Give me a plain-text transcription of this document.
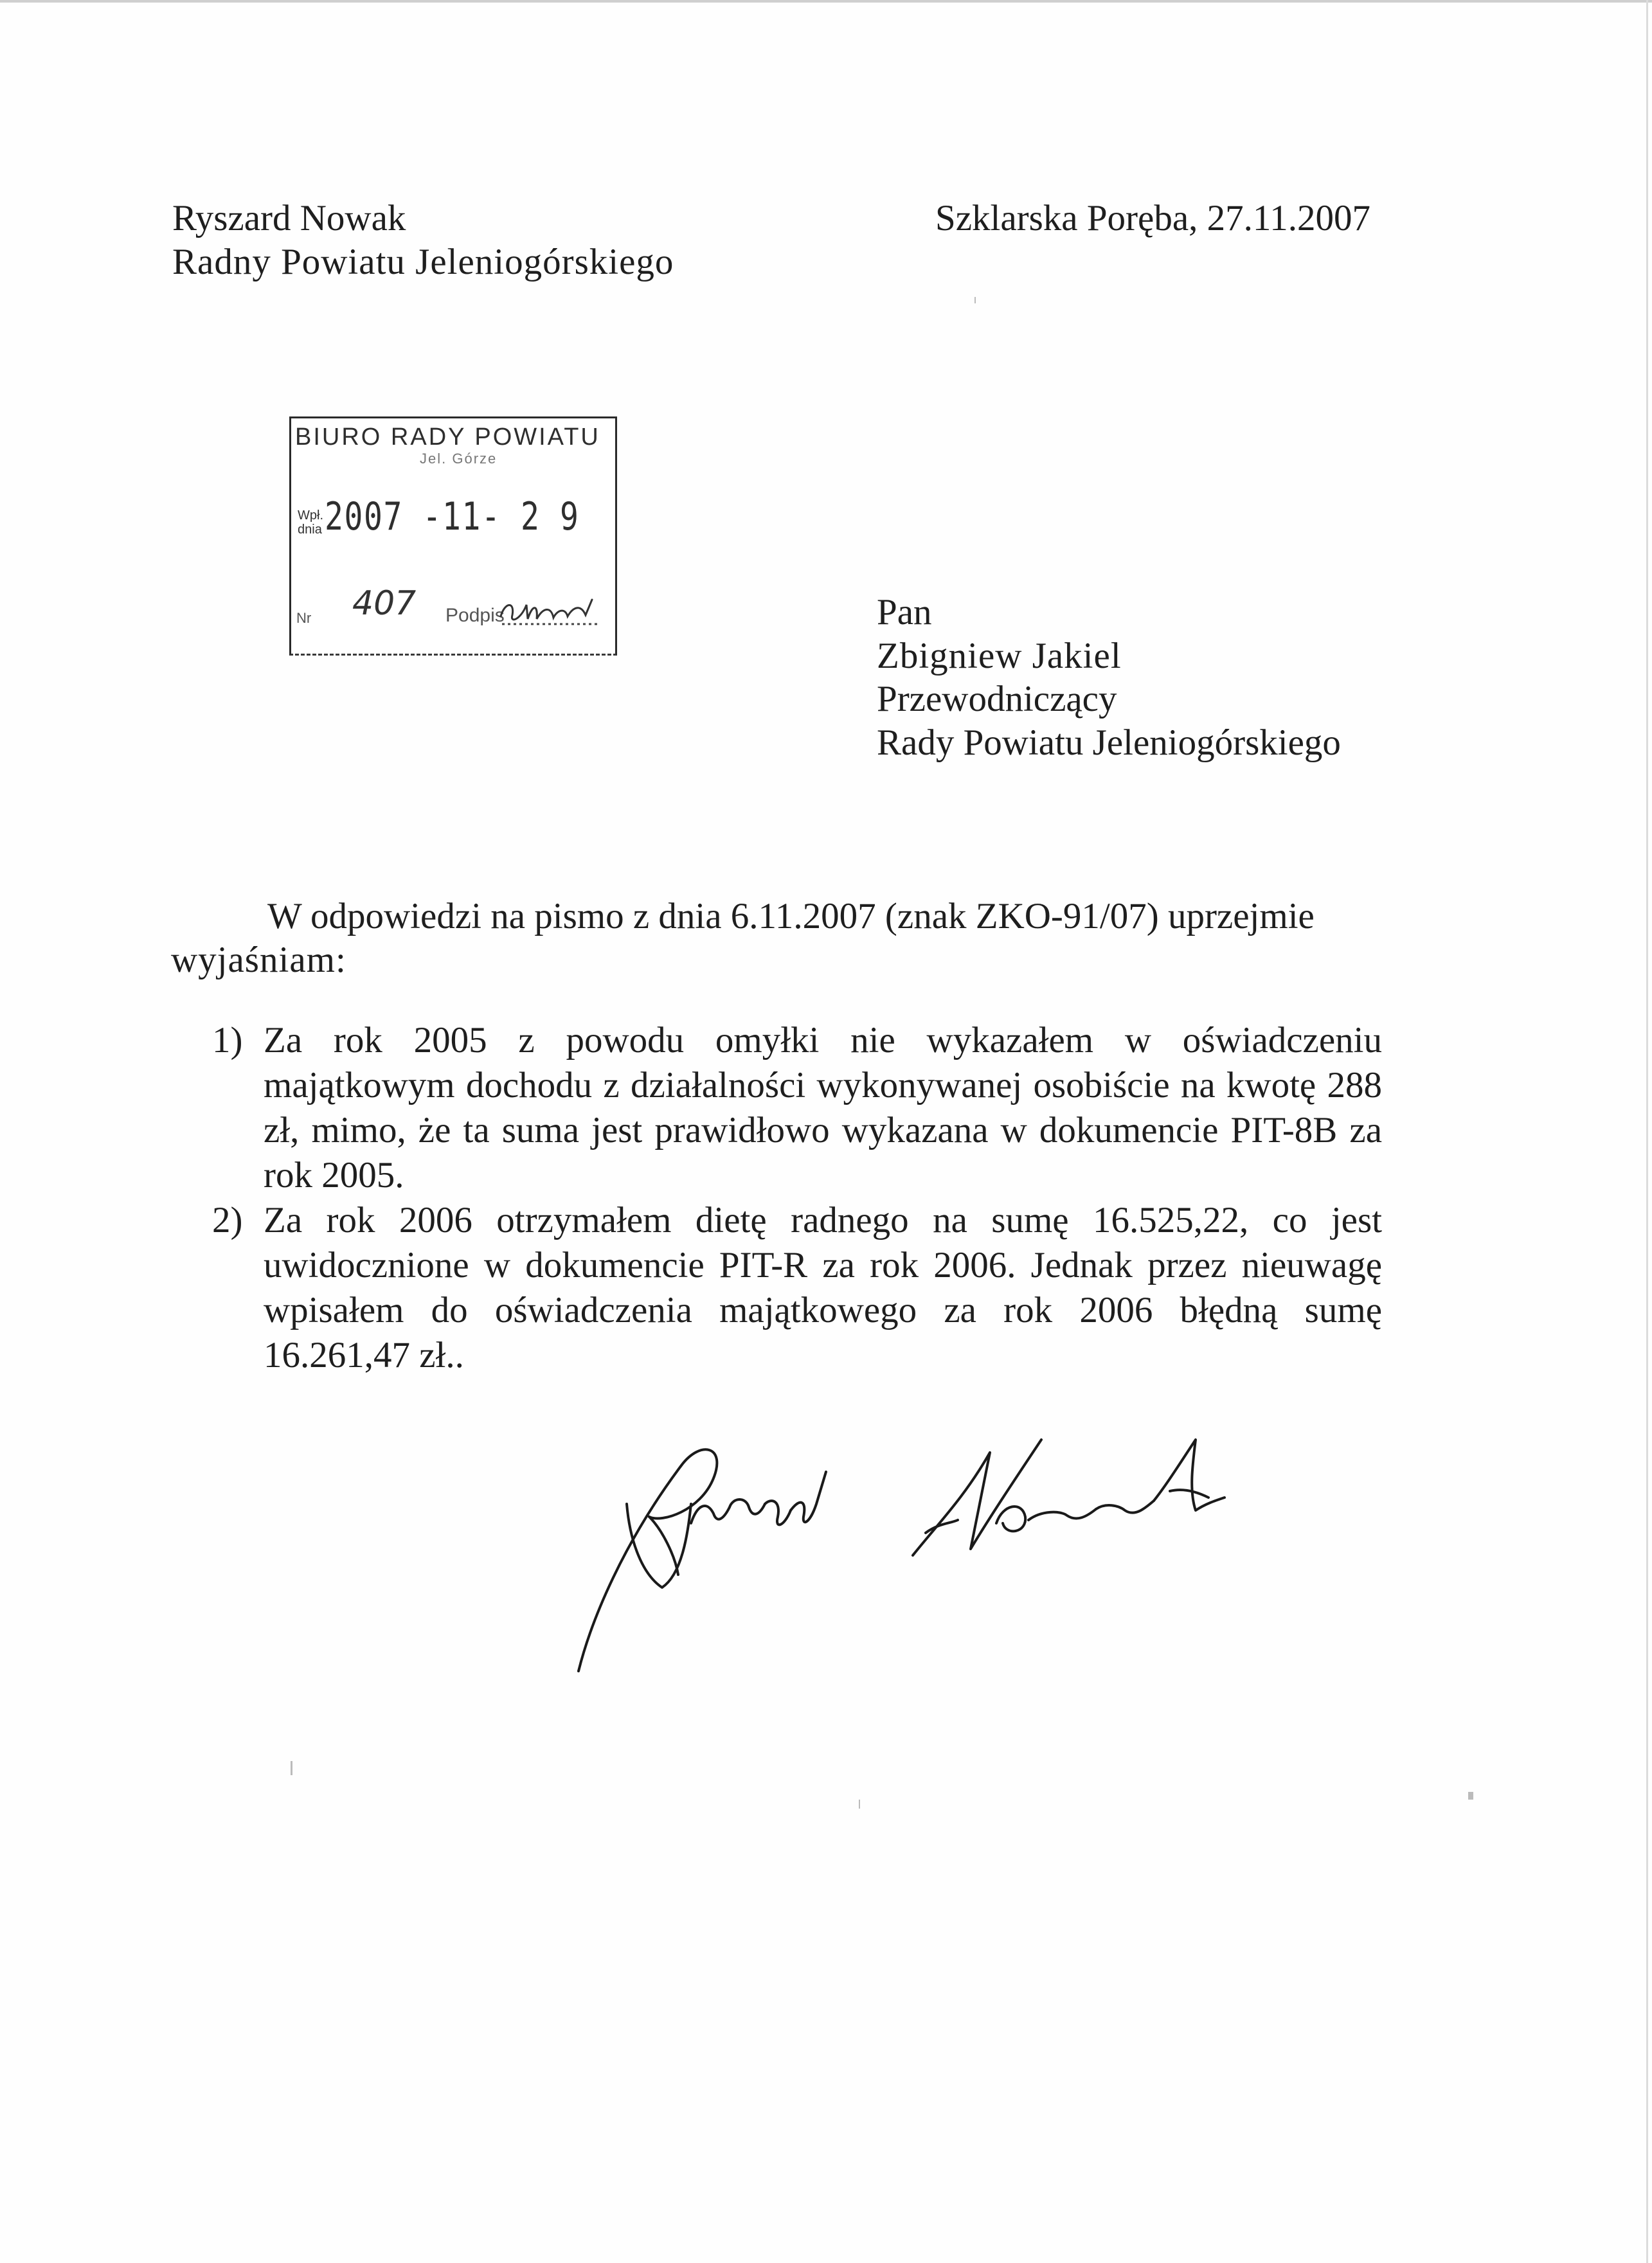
Ryszard Nowak
Radny Powiatu Jeleniogórskiego
Szklarska Poręba, 27.11.2007
BIURO RADY POWIATU
Jel. Górze
Wpł.
dnia 2007 -11- 2 9
Nr 407 Podpis	Pan
Zbigniew Jakiel
Przewodniczący
Rady Powiatu Jeleniogórskiego
W odpowiedzi na pismo z dnia 6.11.2007 (znak ZKO-91/07) uprzejmie
wyjaśniam:
1) Za rok 2005 z powodu omyłki nie wykazałem w oświadczeniu majątkowym dochodu z działalności wykonywanej osobiście na kwotę 288 zł, mimo, że ta suma jest prawidłowo wykazana w dokumencie PIT-8B za rok 2005.
2) Za rok 2006 otrzymałem dietę radnego na sumę 16.525,22, co jest uwidocznione w dokumencie PIT-R za rok 2006. Jednak przez nieuwagę wpisałem do oświadczenia majątkowego za rok 2006 błędną sumę 16.261,47 zł..
